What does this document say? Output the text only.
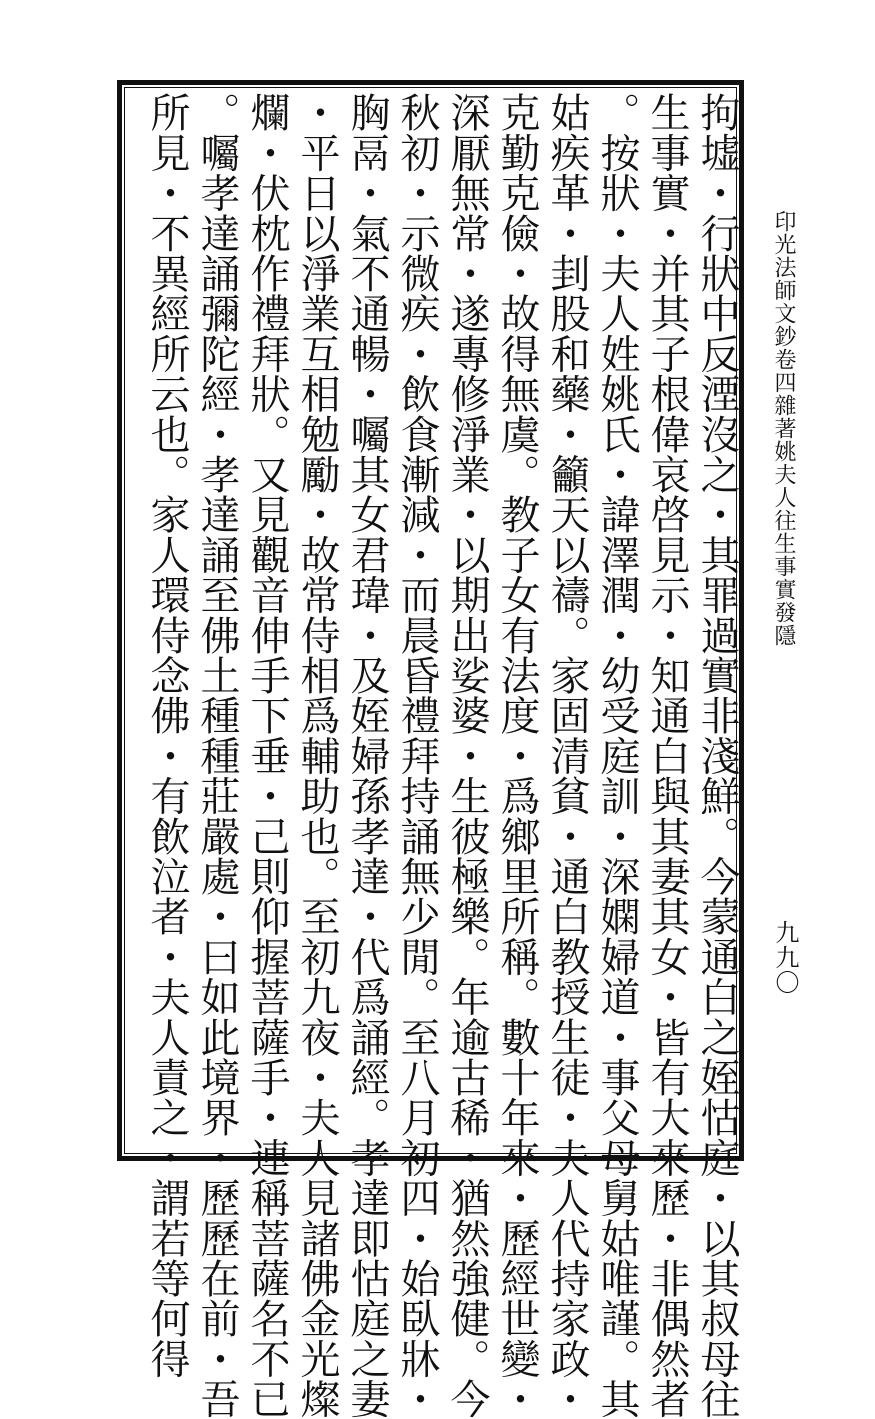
拘墟・行狀中反湮沒之・其罪過實非淺鮮。今蒙通白之姪怙庭・以其叔母往
生事實・并其子根偉哀啓見示・知通白與其妻其女・皆有大來歷・非偶然者
。按狀・夫人姓姚氏・諱澤潤・幼受庭訓・深嫻婦道・事父母舅姑唯謹。其
姑疾革・刲股和藥・籲天以禱。家固清貧・通白教授生徒・夫人代持家政・
克勤克儉・故得無虞。教子女有法度・爲鄉里所稱。數十年來・歷經世變・
深厭無常・遂專修淨業・以期出娑婆・生彼極樂。年逾古稀・猶然強健。今
秋初・示微疾・飲食漸減・而晨昏禮拜持誦無少閒。至八月初四・始臥牀・
胸鬲・氣不通暢・囑其女君瑋・及姪婦孫孝達・代爲誦經。孝達即怙庭之妻
・平日以淨業互相勉勵・故常侍相爲輔助也。至初九夜・夫人見諸佛金光燦
爛・伏枕作禮拜狀。又見觀音伸手下垂・己則仰握菩薩手・連稱菩薩名不已
。囑孝達誦彌陀經・孝達誦至佛土種種莊嚴處・曰如此境界・歷歷在前・吾
所見・不異經所云也。家人環侍念佛・有飲泣者・夫人責之・謂若等何得	印光法師文鈔卷四雜著姚夫人往生事實發隱
九九〇
